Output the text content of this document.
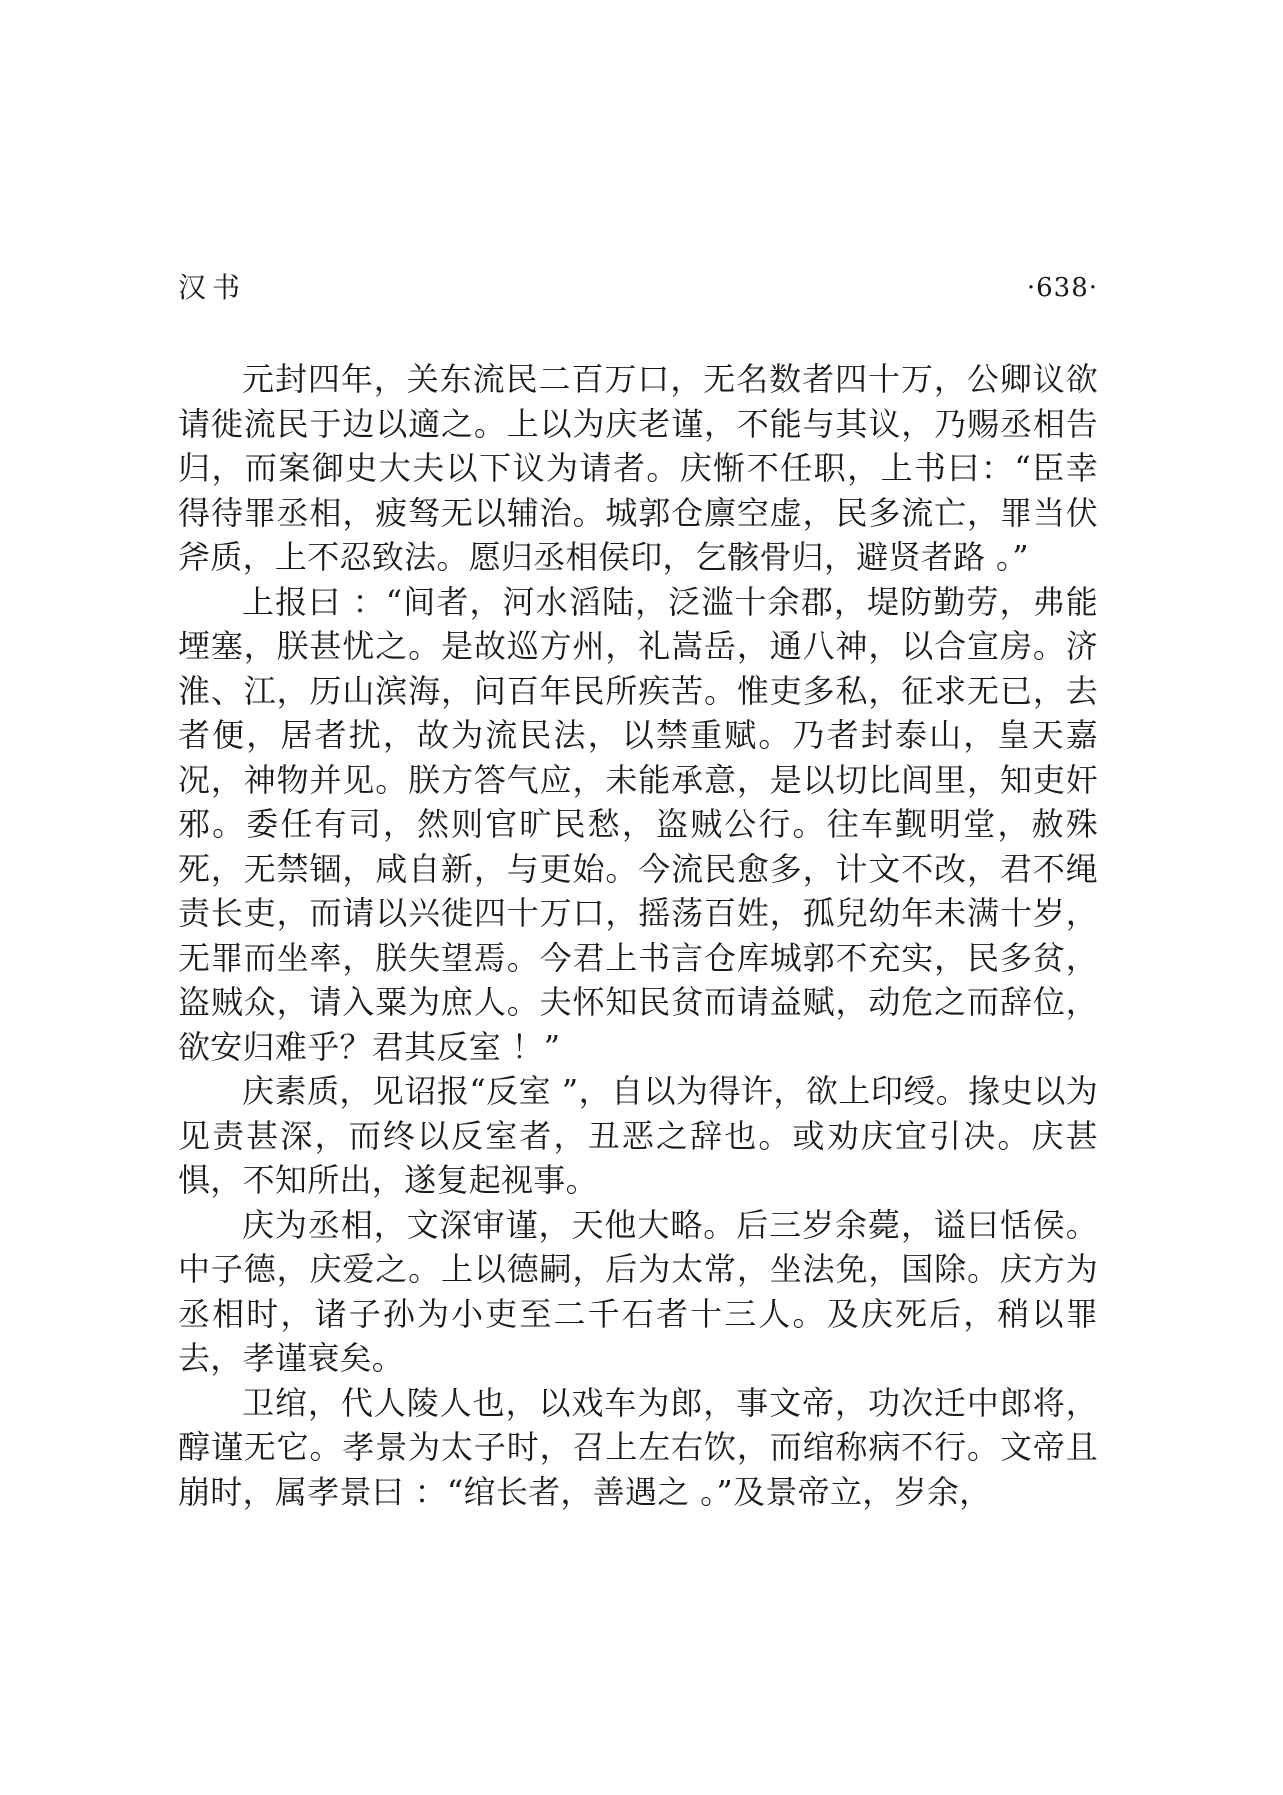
汉书	·638·

元封四年，关东流民二百万口，无名数者四十万，公卿议欲请徙流民于边以適之。上以为庆老谨，不能与其议，乃赐丞相告归，而案御史大夫以下议为请者。庆惭不任职，上书曰：“臣幸得待罪丞相，疲驽无以辅治。城郭仓廪空虚，民多流亡，罪当伏斧质，上不忍致法。愿归丞相侯印，乞骸骨归，避贤者路 。”

上报曰 ：“间者，河水滔陆，泛滥十余郡，堤防勤劳，弗能堙塞，朕甚忧之。是故巡方州，礼嵩岳，通八神，以合宣房。济淮、江，历山滨海，问百年民所疾苦。惟吏多私，征求无已，去者便，居者扰，故为流民法，以禁重赋。乃者封泰山，皇天嘉况，神物并见。朕方答气应，未能承意，是以切比闾里，知吏奸邪。委任有司，然则官旷民愁，盗贼公行。往车觐明堂，赦殊死，无禁锢，咸自新，与更始。今流民愈多，计文不改，君不绳责长吏，而请以兴徙四十万口，摇荡百姓，孤兒幼年未满十岁，无罪而坐率，朕失望焉。今君上书言仓库城郭不充实，民多贫，盗贼众，请入粟为庶人。夫怀知民贫而请益赋，动危之而辞位，欲安归难乎？君其反室 ！”

庆素质，见诏报“反室 ”，自以为得许，欲上印绶。掾史以为见责甚深，而终以反室者，丑恶之辞也。或劝庆宜引决。庆甚惧，不知所出，遂复起视事。

庆为丞相，文深审谨，天他大略。后三岁余薨，谥曰恬侯。中子德，庆爱之。上以德嗣，后为太常，坐法免，国除。庆方为丞相时，诸子孙为小吏至二千石者十三人。及庆死后，稍以罪去，孝谨衰矣。

卫绾，代人陵人也，以戏车为郎，事文帝，功次迁中郎将，醇谨无它。孝景为太子时，召上左右饮，而绾称病不行。文帝且崩时，属孝景曰 ：“绾长者，善遇之 。”及景帝立，岁余，
